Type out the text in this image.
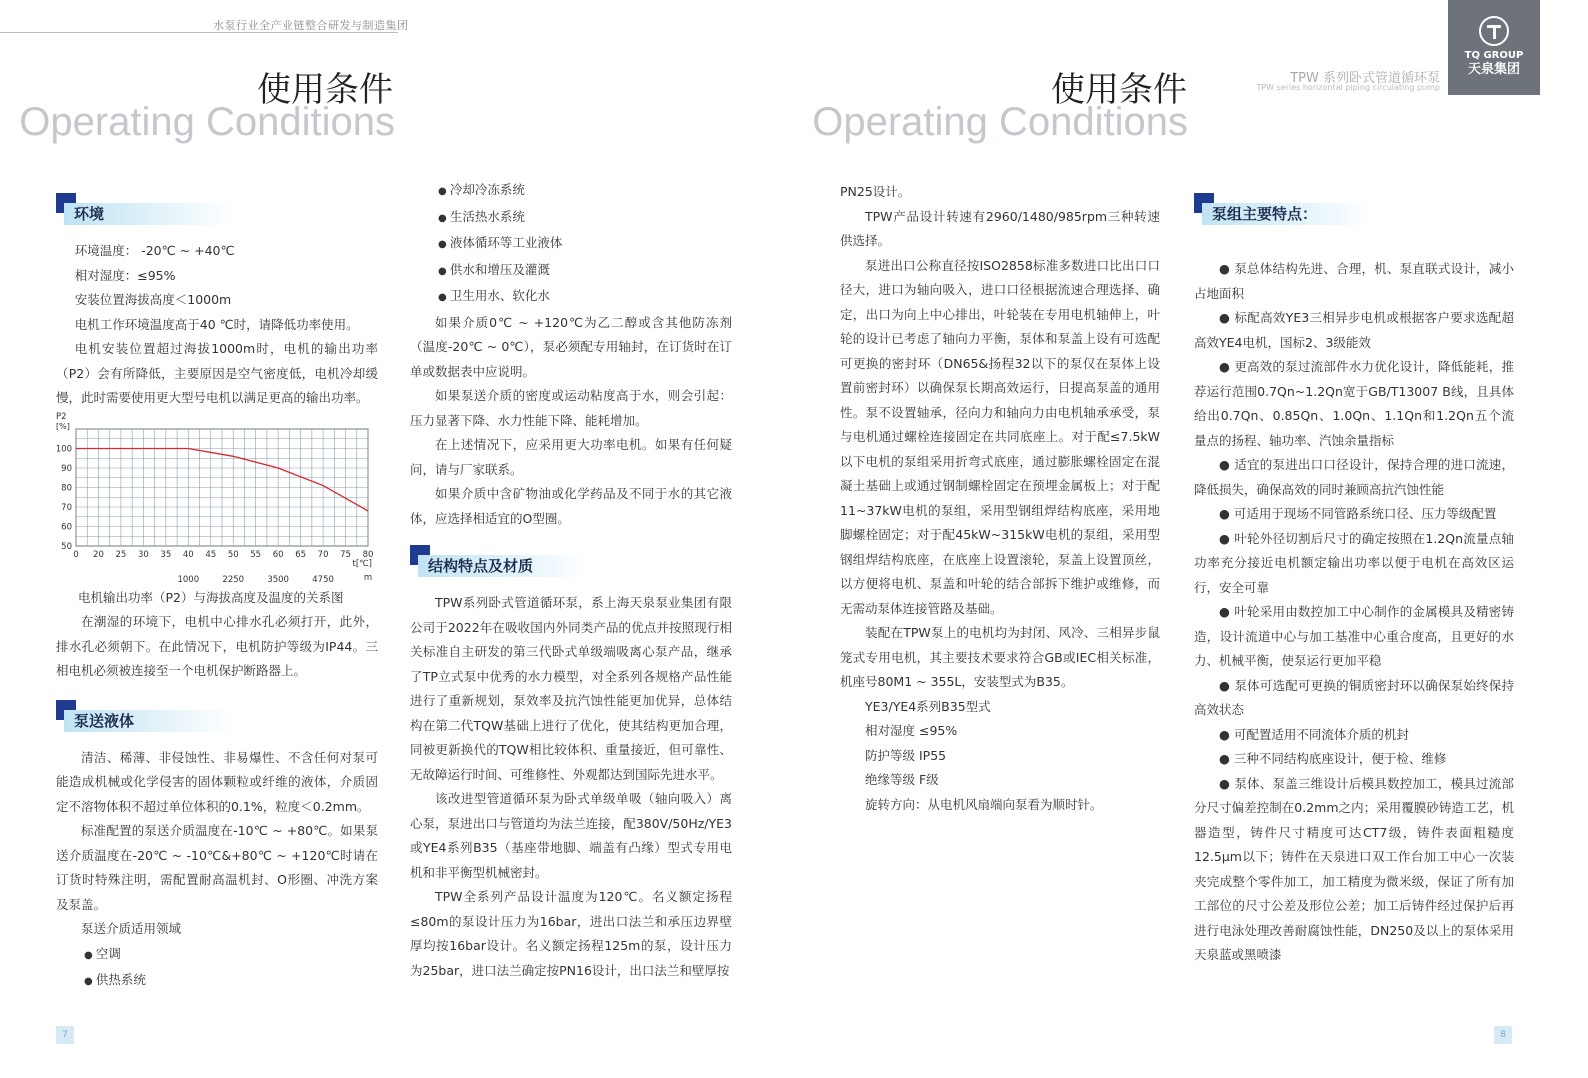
水泵行业全产业链整合研发与制造集团
使用条件
Operating Conditions
使用条件
Operating Conditions
TPW 系列卧式管道循环泵
TPW series horizontal piping circulating pump
TQ GROUP
天泉集团
环境

环境温度： -20℃ ~ +40℃

相对湿度：≤95%

安装位置海拔高度＜1000m

电机工作环境温度高于40 ℃时，请降低功率使用。

电机安装位置超过海拔1000m时，电机的输出功率（P2）会有所降低，主要原因是空气密度低，电机冷却缓慢，此时需要使用更大型号电机以满足更高的输出功率。

50
60
70
80
90
100
P2
[%]
0 20 25 30 35 40 45 50 55 60 65 70 75 80
t[℃]
1000	2250	3500	4750	m
电机输出功率（P2）与海拔高度及温度的关系图

在潮湿的环境下，电机中心排水孔必须打开，此外，排水孔必须朝下。在此情况下，电机防护等级为IP44。三相电机必须被连接至一个电机保护断路器上。

泵送液体

清洁、稀薄、非侵蚀性、非易爆性、不含任何对泵可能造成机械或化学侵害的固体颗粒或纤维的液体，介质固定不溶物体积不超过单位体积的0.1%，粒度＜0.2mm。

标准配置的泵送介质温度在-10℃ ~ +80℃。如果泵送介质温度在-20℃ ~ -10℃&+80℃ ~ +120℃时请在订货时特殊注明，需配置耐高温机封、O形圈、冲洗方案及泵盖。

泵送介质适用领域

● 空调

● 供热系统

● 冷却冷冻系统

● 生活热水系统

● 液体循环等工业液体

● 供水和增压及灌溉

● 卫生用水、软化水

如果介质0℃ ~ +120℃为乙二醇或含其他防冻剂（温度-20℃ ~ 0℃），泵必须配专用轴封，在订货时在订单或数据表中应说明。

如果泵送介质的密度或运动粘度高于水，则会引起：压力显著下降、水力性能下降、能耗增加。

在上述情况下，应采用更大功率电机。如果有任何疑问，请与厂家联系。

如果介质中含矿物油或化学药品及不同于水的其它液体，应选择相适宜的O型圈。

结构特点及材质

TPW系列卧式管道循环泵，系上海天泉泵业集团有限公司于2022年在吸收国内外同类产品的优点并按照现行相关标准自主研发的第三代卧式单级端吸离心泵产品，继承了TP立式泵中优秀的水力模型，对全系列各规格产品性能进行了重新规划，泵效率及抗汽蚀性能更加优异，总体结构在第二代TQW基础上进行了优化，使其结构更加合理，同被更新换代的TQW相比较体积、重量接近，但可靠性、无故障运行时间、可维修性、外观都达到国际先进水平。

该改进型管道循环泵为卧式单级单吸（轴向吸入）离心泵，泵进出口与管道均为法兰连接，配380V/50Hz/YE3或YE4系列B35（基座带地脚、端盖有凸缘）型式专用电机和非平衡型机械密封。

TPW全系列产品设计温度为120℃。名义额定扬程≤80m的泵设计压力为16bar，进出口法兰和承压边界壁厚均按16bar设计。名义额定扬程125m的泵，设计压力为25bar，进口法兰确定按PN16设计，出口法兰和壁厚按

PN25设计。

TPW产品设计转速有2960/1480/985rpm三种转速供选择。

泵进出口公称直径按ISO2858标准多数进口比出口口径大，进口为轴向吸入，进口口径根据流速合理选择、确定，出口为向上中心排出，叶轮装在专用电机轴伸上，叶轮的设计已考虑了轴向力平衡，泵体和泵盖上设有可选配可更换的密封环（DN65&扬程32以下的泵仅在泵体上设置前密封环）以确保泵长期高效运行，日提高泵盖的通用性。泵不设置轴承，径向力和轴向力由电机轴承承受，泵与电机通过螺栓连接固定在共同底座上。对于配≤7.5kW以下电机的泵组采用折弯式底座，通过膨胀螺栓固定在混凝土基础上或通过钢制螺栓固定在预埋金属板上；对于配11~37kW电机的泵组，采用型钢组焊结构底座，采用地脚螺栓固定；对于配45kW~315kW电机的泵组，采用型钢组焊结构底座，在底座上设置滚轮，泵盖上设置顶丝，以方便将电机、泵盖和叶轮的结合部拆下维护或维修，而无需动泵体连接管路及基础。

装配在TPW泵上的电机均为封闭、风冷、三相异步鼠笼式专用电机，其主要技术要求符合GB或IEC相关标准，机座号80M1 ~ 355L，安装型式为B35。

YE3/YE4系列B35型式

相对湿度 ≤95%

防护等级 IP55

绝缘等级 F级

旋转方向：从电机风扇端向泵看为顺时针。

泵组主要特点：

● 泵总体结构先进、合理，机、泵直联式设计，减小占地面积

● 标配高效YE3三相异步电机或根据客户要求选配超高效YE4电机，国标2、3级能效

● 更高效的泵过流部件水力优化设计，降低能耗，推荐运行范围0.7Qn~1.2Qn宽于GB/T13007 B线，且具体给出0.7Qn、0.85Qn、1.0Qn、1.1Qn和1.2Qn五个流量点的扬程、轴功率、汽蚀余量指标

● 适宜的泵进出口口径设计，保持合理的进口流速，降低损失，确保高效的同时兼顾高抗汽蚀性能

● 可适用于现场不同管路系统口径、压力等级配置

● 叶轮外径切割后尺寸的确定按照在1.2Qn流量点轴功率充分接近电机额定输出功率以便于电机在高效区运行，安全可靠

● 叶轮采用由数控加工中心制作的金属模具及精密铸造，设计流道中心与加工基准中心重合度高，且更好的水力、机械平衡，使泵运行更加平稳

● 泵体可选配可更换的铜质密封环以确保泵始终保持高效状态

● 可配置适用不同流体介质的机封

● 三种不同结构底座设计，便于检、维修

● 泵体、泵盖三维设计后模具数控加工，模具过流部分尺寸偏差控制在0.2mm之内；采用覆膜砂铸造工艺，机器造型，铸件尺寸精度可达CT7级，铸件表面粗糙度12.5μm以下；铸件在天泉进口双工作台加工中心一次装夹完成整个零件加工，加工精度为微米级，保证了所有加工部位的尺寸公差及形位公差；加工后铸件经过保护后再进行电泳处理改善耐腐蚀性能，DN250及以上的泵体采用天泉蓝或黑喷漆

7	8
